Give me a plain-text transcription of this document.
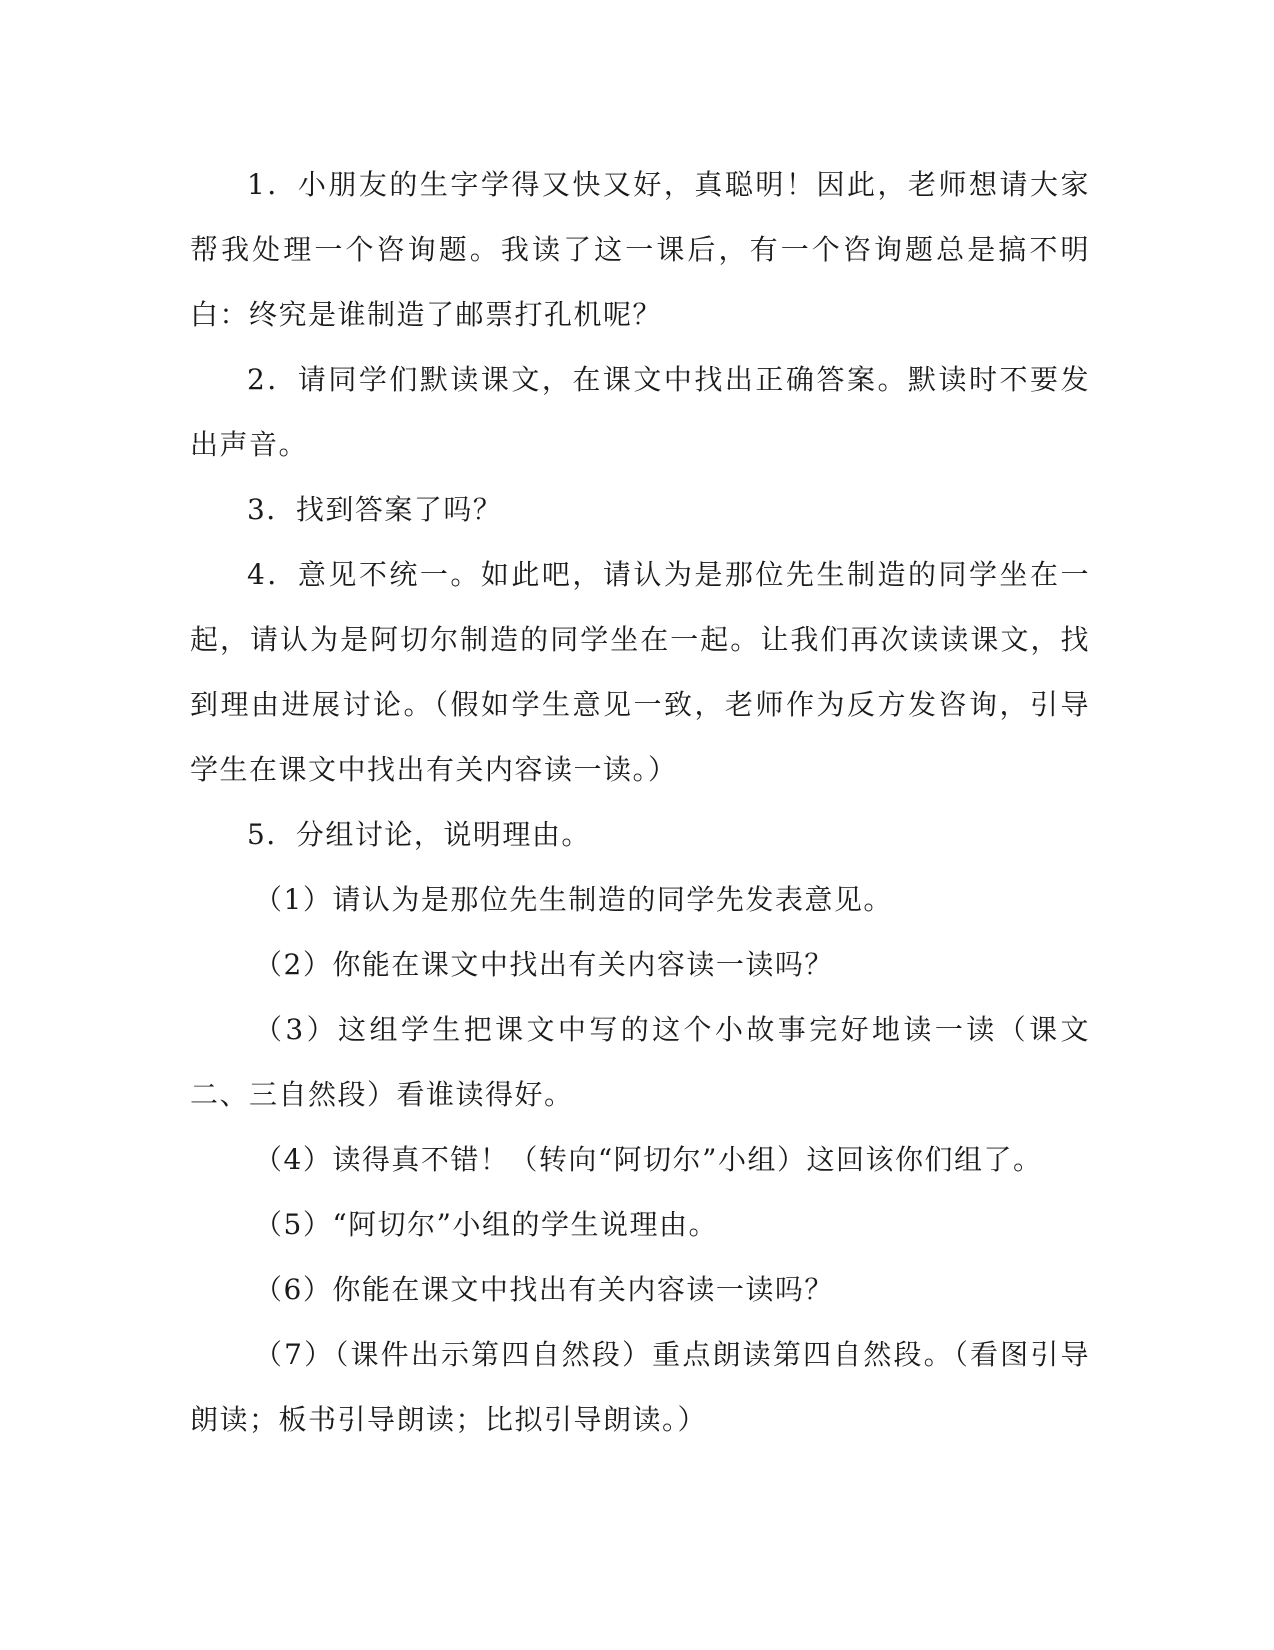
1．小朋友的生字学得又快又好，真聪明！因此，老师想请大家帮我处理一个咨询题。我读了这一课后，有一个咨询题总是搞不明白：终究是谁制造了邮票打孔机呢？

2．请同学们默读课文，在课文中找出正确答案。默读时不要发出声音。

3．找到答案了吗？

4．意见不统一。如此吧，请认为是那位先生制造的同学坐在一起，请认为是阿切尔制造的同学坐在一起。让我们再次读读课文，找到理由进展讨论。（假如学生意见一致，老师作为反方发咨询，引导学生在课文中找出有关内容读一读。）

5．分组讨论，说明理由。

（1）请认为是那位先生制造的同学先发表意见。

（2）你能在课文中找出有关内容读一读吗？

（3）这组学生把课文中写的这个小故事完好地读一读（课文二、三自然段）看谁读得好。

（4）读得真不错！（转向“阿切尔”小组）这回该你们组了。

（5）“阿切尔”小组的学生说理由。

（6）你能在课文中找出有关内容读一读吗？

（7）（课件出示第四自然段）重点朗读第四自然段。（看图引导朗读；板书引导朗读；比拟引导朗读。）
